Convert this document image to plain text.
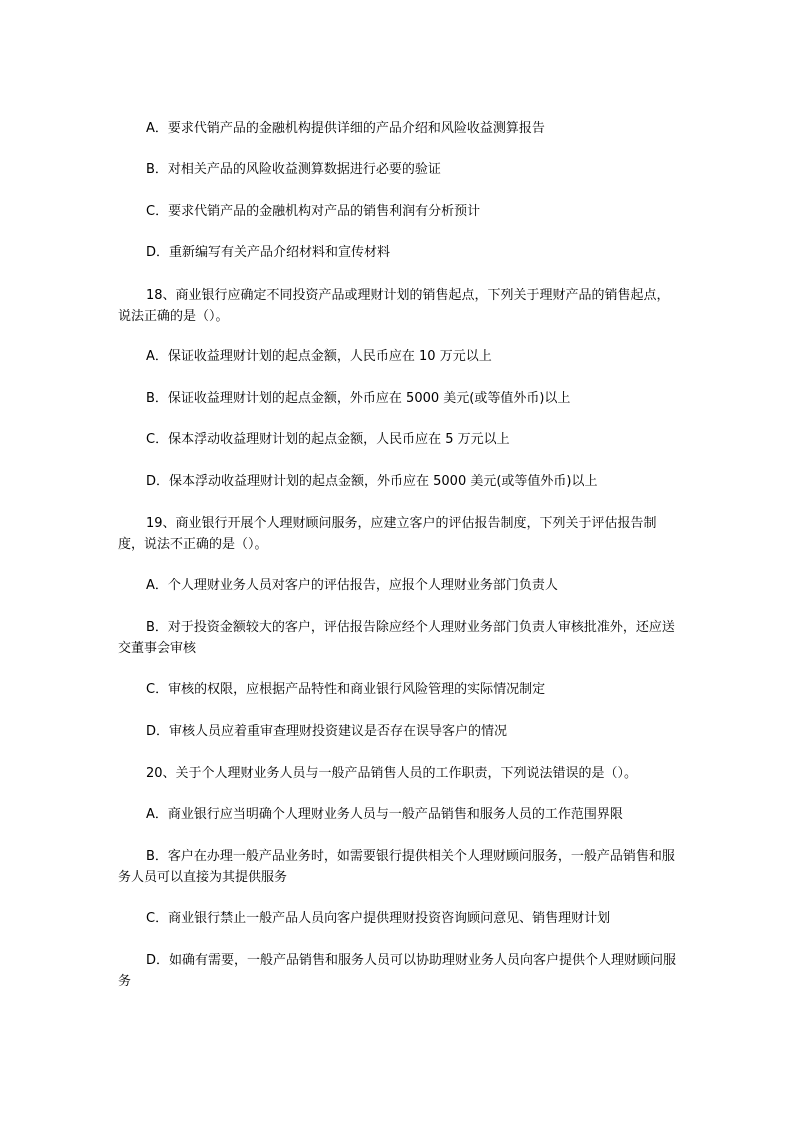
A．要求代销产品的金融机构提供详细的产品介绍和风险收益测算报告

B．对相关产品的风险收益测算数据进行必要的验证

C．要求代销产品的金融机构对产品的销售利润有分析预计

D．重新编写有关产品介绍材料和宣传材料

18、商业银行应确定不同投资产品或理财计划的销售起点，下列关于理财产品的销售起点，说法正确的是（）。

A．保证收益理财计划的起点金额，人民币应在 10 万元以上

B．保证收益理财计划的起点金额，外币应在 5000 美元(或等值外币)以上

C．保本浮动收益理财计划的起点金额，人民币应在 5 万元以上

D．保本浮动收益理财计划的起点金额，外币应在 5000 美元(或等值外币)以上

19、商业银行开展个人理财顾问服务，应建立客户的评估报告制度，下列关于评估报告制度，说法不正确的是（）。

A．个人理财业务人员对客户的评估报告，应报个人理财业务部门负责人

B．对于投资金额较大的客户，评估报告除应经个人理财业务部门负责人审核批准外，还应送交董事会审核

C．审核的权限，应根据产品特性和商业银行风险管理的实际情况制定

D．审核人员应着重审查理财投资建议是否存在误导客户的情况

20、关于个人理财业务人员与一般产品销售人员的工作职责，下列说法错误的是（）。

A．商业银行应当明确个人理财业务人员与一般产品销售和服务人员的工作范围界限

B．客户在办理一般产品业务时，如需要银行提供相关个人理财顾问服务，一般产品销售和服务人员可以直接为其提供服务

C．商业银行禁止一般产品人员向客户提供理财投资咨询顾问意见、销售理财计划

D．如确有需要，一般产品销售和服务人员可以协助理财业务人员向客户提供个人理财顾问服务
